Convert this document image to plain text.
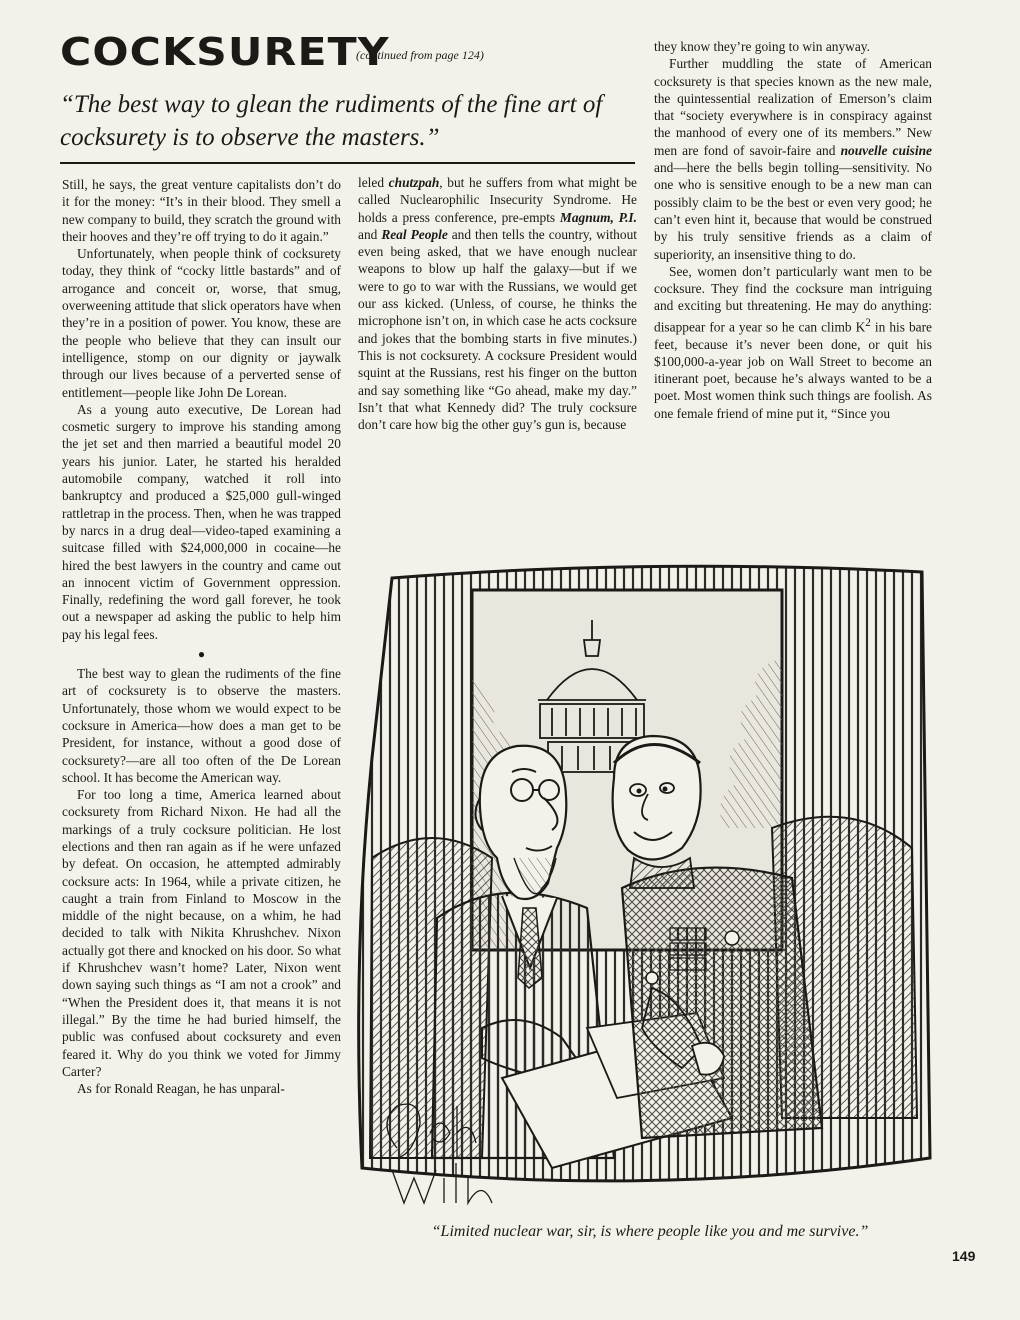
COCKSURETY
(continued from page 124)
“The best way to glean the rudiments of the fine art of cocksurety is to observe the masters.”

Still, he says, the great venture capitalists don’t do it for the money: “It’s in their blood. They smell a new company to build, they scratch the ground with their hooves and they’re off trying to do it again.”

Unfortunately, when people think of cocksurety today, they think of “cocky little bastards” and of arrogance and conceit or, worse, that smug, overweening attitude that slick operators have when they’re in a position of power. You know, these are the people who believe that they can insult our intelligence, stomp on our dignity or jaywalk through our lives because of a perverted sense of entitlement—people like John De Lorean.

As a young auto executive, De Lorean had cosmetic surgery to improve his standing among the jet set and then married a beautiful model 20 years his junior. Later, he started his heralded automobile company, watched it roll into bankruptcy and produced a $25,000 gull-winged rattletrap in the process. Then, when he was trapped by narcs in a drug deal—video-taped examining a suitcase filled with $24,000,000 in cocaine—he hired the best lawyers in the country and came out an innocent victim of Government oppression. Finally, redefining the word gall forever, he took out a newspaper ad asking the public to help him pay his legal fees.

●

The best way to glean the rudiments of the fine art of cocksurety is to observe the masters. Unfortunately, those whom we would expect to be cocksure in America—how does a man get to be President, for instance, without a good dose of cocksurety?—are all too often of the De Lorean school. It has become the American way.

For too long a time, America learned about cocksurety from Richard Nixon. He had all the markings of a truly cocksure politician. He lost elections and then ran again as if he were unfazed by defeat. On occasion, he attempted admirably cocksure acts: In 1964, while a private citizen, he caught a train from Finland to Moscow in the middle of the night because, on a whim, he had decided to talk with Nikita Khrushchev. Nixon actually got there and knocked on his door. So what if Khrushchev wasn’t home? Later, Nixon went down saying such things as “I am not a crook” and “When the President does it, that means it is not illegal.” By the time he had buried himself, the public was confused about cocksurety and even feared it. Why do you think we voted for Jimmy Carter?

As for Ronald Reagan, he has unparal-

leled chutzpah, but he suffers from what might be called Nuclearophilic Insecurity Syndrome. He holds a press conference, pre-empts Magnum, P.I. and Real People and then tells the country, without even being asked, that we have enough nuclear weapons to blow up half the galaxy—but if we were to go to war with the Russians, we would get our ass kicked. (Unless, of course, he thinks the microphone isn’t on, in which case he acts cocksure and jokes that the bombing starts in five minutes.) This is not cocksurety. A cocksure President would squint at the Russians, rest his finger on the button and say something like “Go ahead, make my day.” Isn’t that what Kennedy did? The truly cocksure don’t care how big the other guy’s gun is, because

they know they’re going to win anyway.

Further muddling the state of American cocksurety is that species known as the new male, the quintessential realization of Emerson’s claim that “society everywhere is in conspiracy against the manhood of every one of its members.” New men are fond of savoir-faire and nouvelle cuisine and—here the bells begin tolling—sensitivity. No one who is sensitive enough to be a new man can possibly claim to be the best or even very good; he can’t even hint it, because that would be construed by his truly sensitive friends as a claim of superiority, an insensitive thing to do.

See, women don’t particularly want men to be cocksure. They find the cocksure man intriguing and exciting but threatening. He may do anything: disappear for a year so he can climb $K^2$ in his bare feet, because it’s never been done, or quit his $100,000-a-year job on Wall Street to become an itinerant poet, because he’s always wanted to be a poet. Most women think such things are foolish. As one female friend of mine put it, “Since you

“Limited nuclear war, sir, is where people like you and me survive.”
149
